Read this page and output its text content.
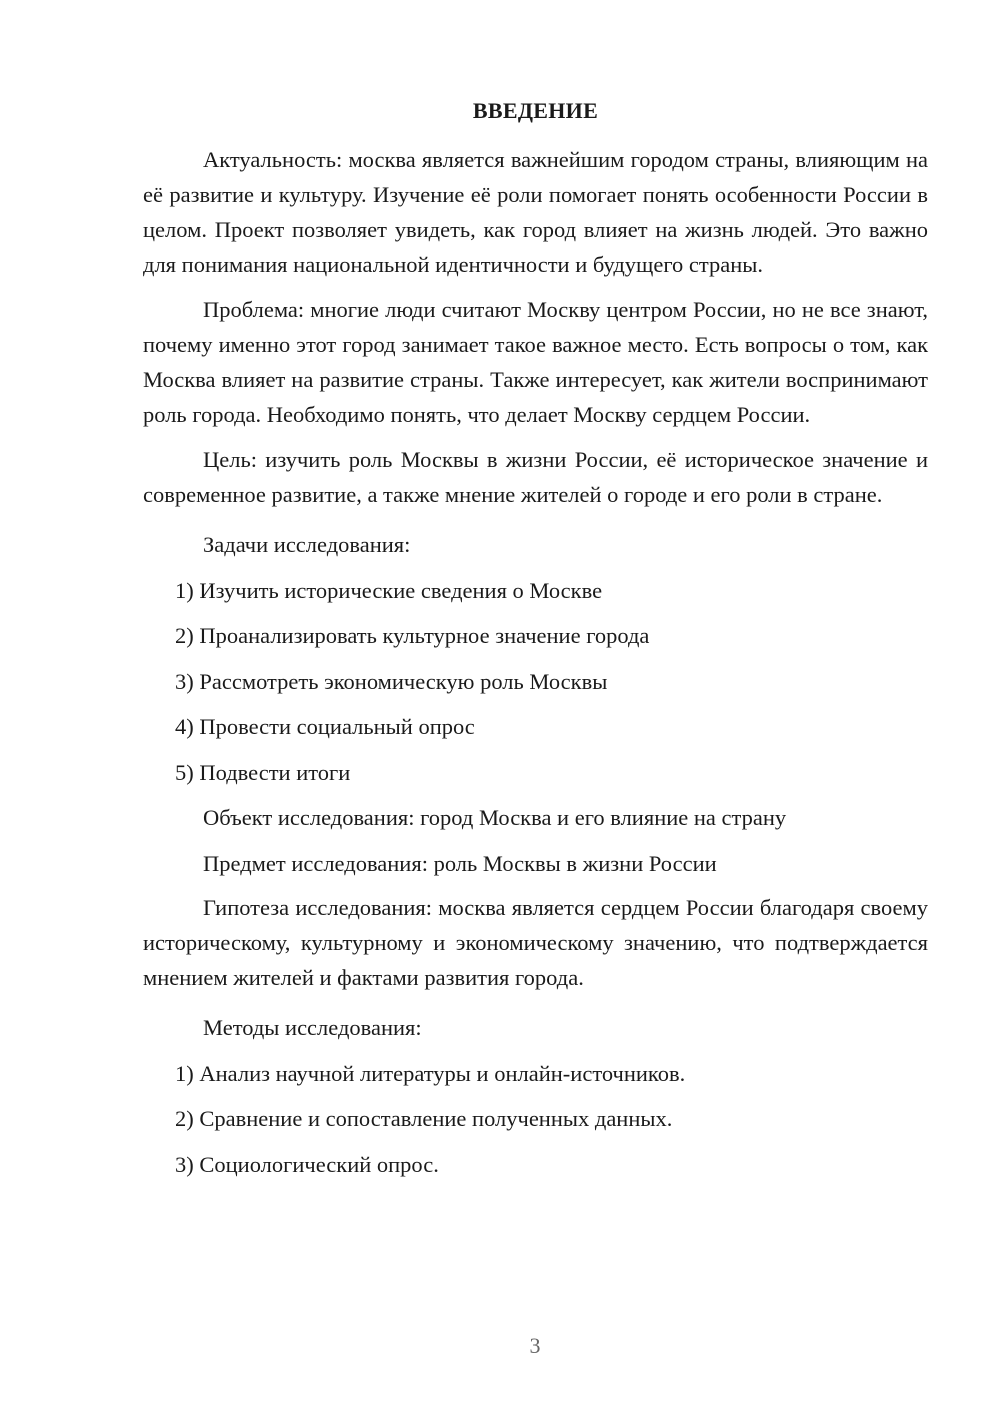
ВВЕДЕНИЕ

Актуальность: москва является важнейшим городом страны, влияющим на её развитие и культуру. Изучение её роли помогает понять особенности России в целом. Проект позволяет увидеть, как город влияет на жизнь людей. Это важно для понимания национальной идентичности и будущего страны.

Проблема: многие люди считают Москву центром России, но не все знают, почему именно этот город занимает такое важное место. Есть вопросы о том, как Москва влияет на развитие страны. Также интересует, как жители воспринимают роль города. Необходимо понять, что делает Москву сердцем России.

Цель: изучить роль Москвы в жизни России, её историческое значение и современное развитие, а также мнение жителей о городе и его роли в стране.

Задачи исследования:

1) Изучить исторические сведения о Москве

2) Проанализировать культурное значение города

3) Рассмотреть экономическую роль Москвы

4) Провести социальный опрос

5) Подвести итоги

Объект исследования: город Москва и его влияние на страну

Предмет исследования: роль Москвы в жизни России

Гипотеза исследования: москва является сердцем России благодаря своему историческому, культурному и экономическому значению, что подтверждается мнением жителей и фактами развития города.

Методы исследования:

1) Анализ научной литературы и онлайн-источников.

2) Сравнение и сопоставление полученных данных.

3) Социологический опрос.

3
